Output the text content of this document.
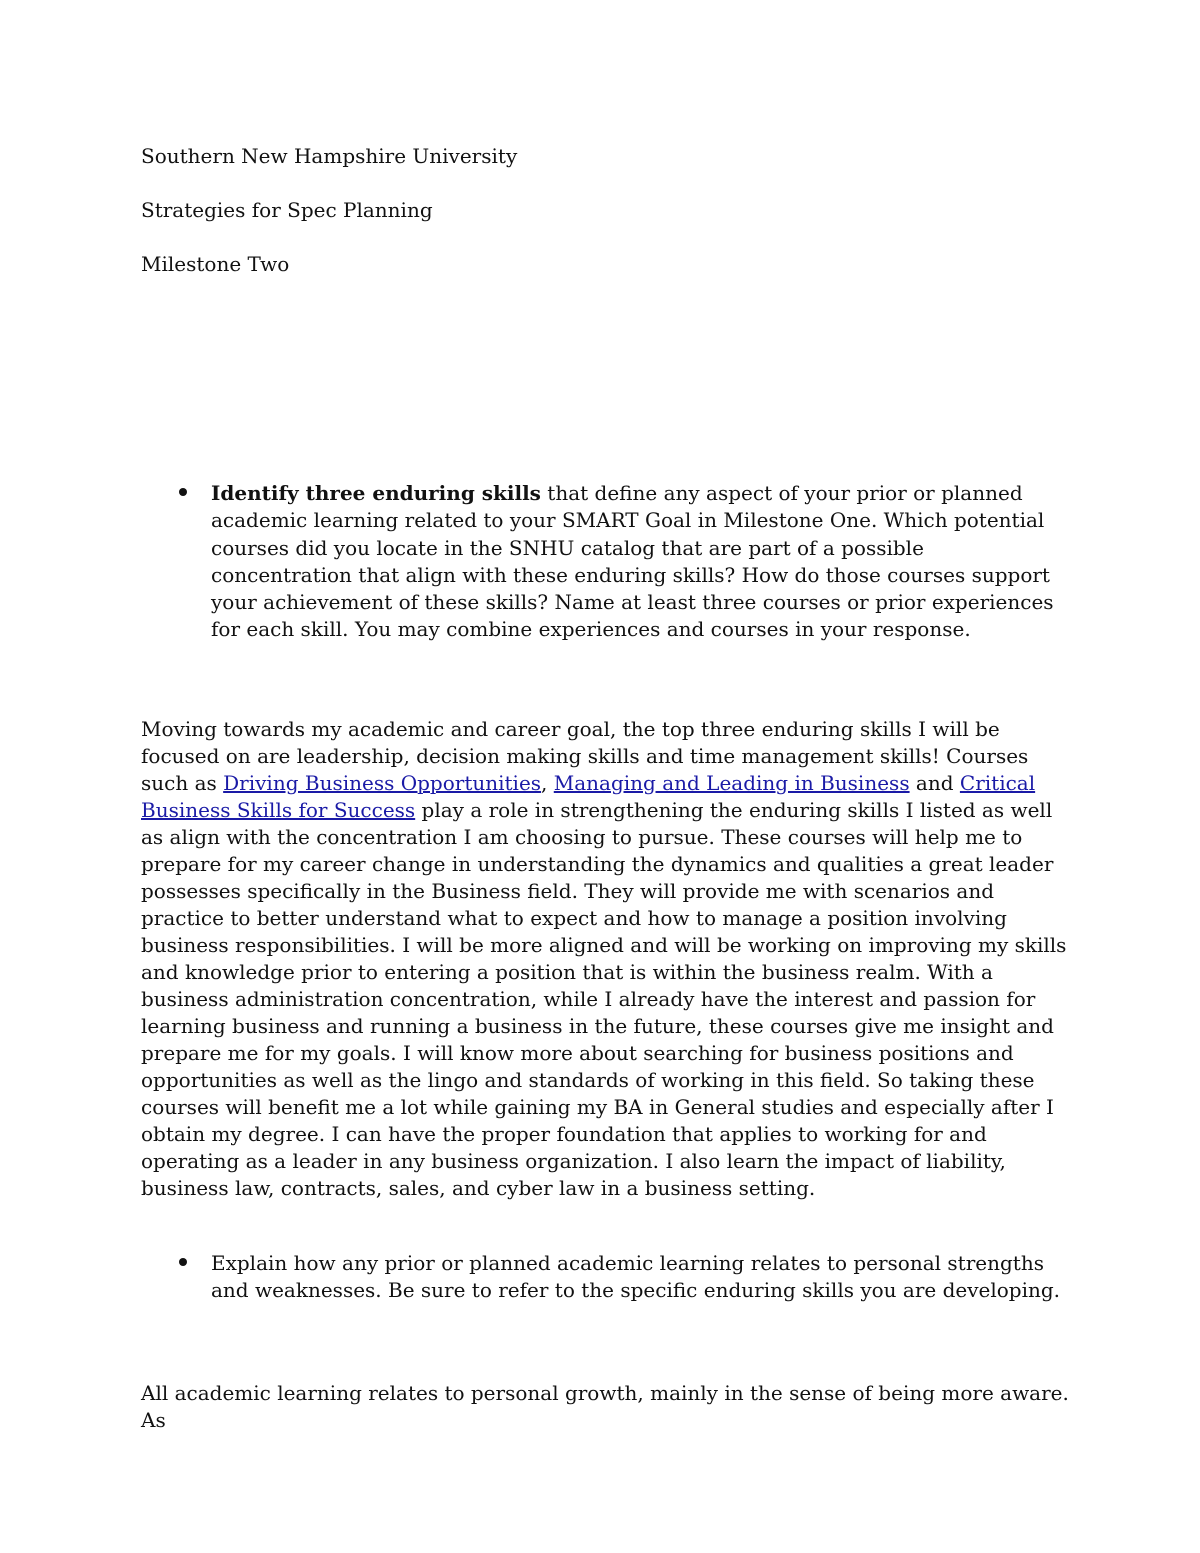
Southern New Hampshire University

Strategies for Spec Planning

Milestone Two

Identify three enduring skills that define any aspect of your prior or planned academic learning related to your SMART Goal in Milestone One. Which potential courses did you locate in the SNHU catalog that are part of a possible concentration that align with these enduring skills? How do those courses support your achievement of these skills? Name at least three courses or prior experiences for each skill. You may combine experiences and courses in your response.

Moving towards my academic and career goal, the top three enduring skills I will be focused on are leadership, decision making skills and time management skills! Courses such as Driving Business Opportunities, Managing and Leading in Business and Critical Business Skills for Success play a role in strengthening the enduring skills I listed as well as align with the concentration I am choosing to pursue. These courses will help me to prepare for my career change in understanding the dynamics and qualities a great leader possesses specifically in the Business field. They will provide me with scenarios and practice to better understand what to expect and how to manage a position involving business responsibilities. I will be more aligned and will be working on improving my skills and knowledge prior to entering a position that is within the business realm. With a business administration concentration, while I already have the interest and passion for learning business and running a business in the future, these courses give me insight and prepare me for my goals. I will know more about searching for business positions and opportunities as well as the lingo and standards of working in this field. So taking these courses will benefit me a lot while gaining my BA in General studies and especially after I obtain my degree. I can have the proper foundation that applies to working for and operating as a leader in any business organization. I also learn the impact of liability, business law, contracts, sales, and cyber law in a business setting.

Explain how any prior or planned academic learning relates to personal strengths and weaknesses. Be sure to refer to the specific enduring skills you are developing.

All academic learning relates to personal growth, mainly in the sense of being more aware. As
